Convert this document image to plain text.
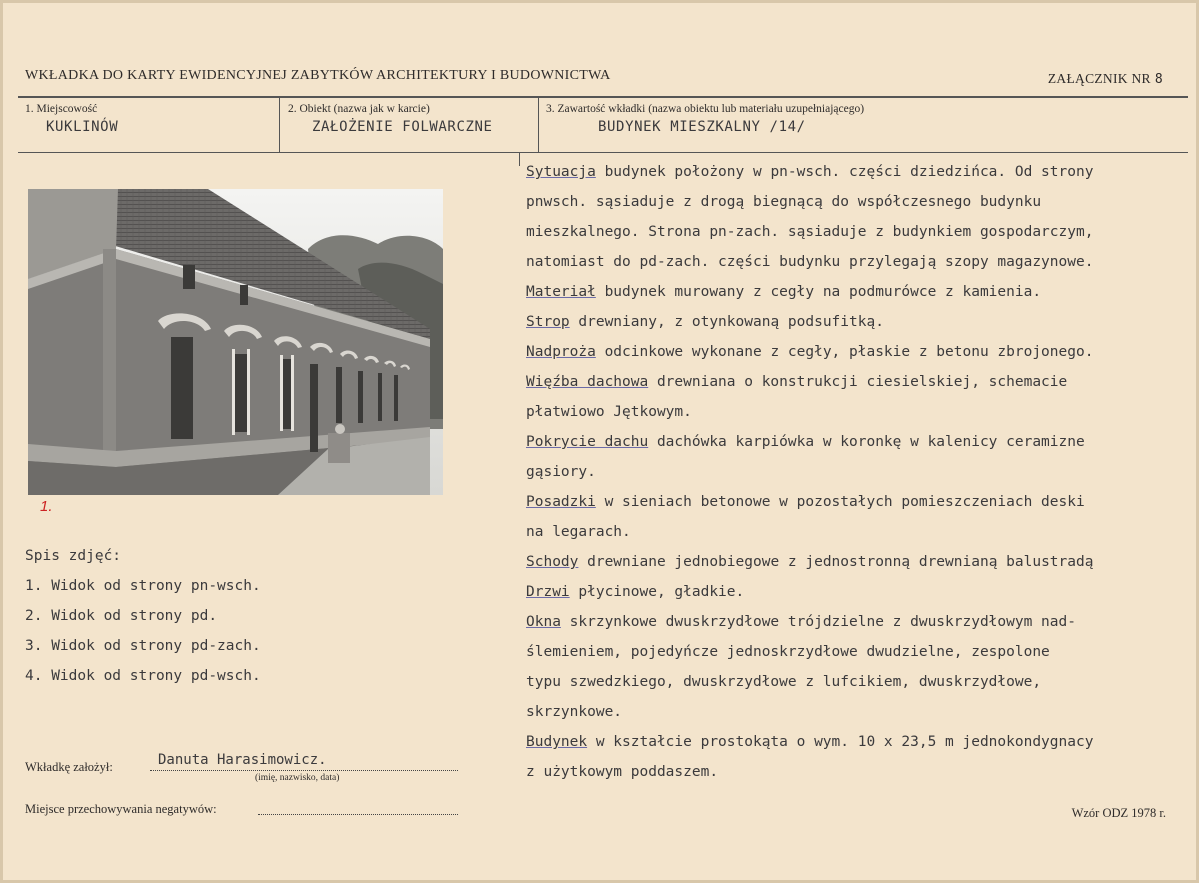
WKŁADKA DO KARTY EWIDENCYJNEJ ZABYTKÓW ARCHITEKTURY I BUDOWNICTWA	ZAŁĄCZNIK NR 8
1. Miejscowość
KUKLINÓW
2. Obiekt (nazwa jak w karcie)
ZAŁOŻENIE FOLWARCZNE
3. Zawartość wkładki (nazwa obiektu lub materiału uzupełniającego)
BUDYNEK MIESZKALNY /14/
1.
Spis zdjęć:
1. Widok od strony pn-wsch.
2. Widok od strony pd.
3. Widok od strony pd-zach.
4. Widok od strony pd-wsch.
Sytuacja budynek położony w pn-wsch. części dziedzińca. Od strony
pnwsch. sąsiaduje z drogą biegnącą do współczesnego budynku
mieszkalnego. Strona pn-zach. sąsiaduje z budynkiem gospodarczym,
natomiast do pd-zach. części budynku przylegają szopy magazynowe.
Materiał budynek murowany z cegły na podmurówce z kamienia.
Strop drewniany, z otynkowaną podsufitką.
Nadproża odcinkowe wykonane z cegły, płaskie z betonu zbrojonego.
Więźba dachowa drewniana o konstrukcji ciesielskiej, schemacie
płatwiowo Jętkowym.
Pokrycie dachu dachówka karpiówka w koronkę w kalenicy ceramizne
gąsiory.
Posadzki w sieniach betonowe w pozostałych pomieszczeniach deski
na legarach.
Schody drewniane jednobiegowe z jednostronną drewnianą balustradą
Drzwi płycinowe, gładkie.
Okna skrzynkowe dwuskrzydłowe trójdzielne z dwuskrzydłowym nad-
ślemieniem, pojedyńcze jednoskrzydłowe dwudzielne, zespolone
typu szwedzkiego, dwuskrzydłowe z lufcikiem, dwuskrzydłowe,
skrzynkowe.
Budynek w kształcie prostokąta o wym. 10 x 23,5 m jednokondygnacy
z użytkowym poddaszem.
Wkładkę założył:	Danuta Harasimowicz.
(imię, nazwisko, data)
Miejsce przechowywania negatywów:	Wzór ODZ 1978 r.
